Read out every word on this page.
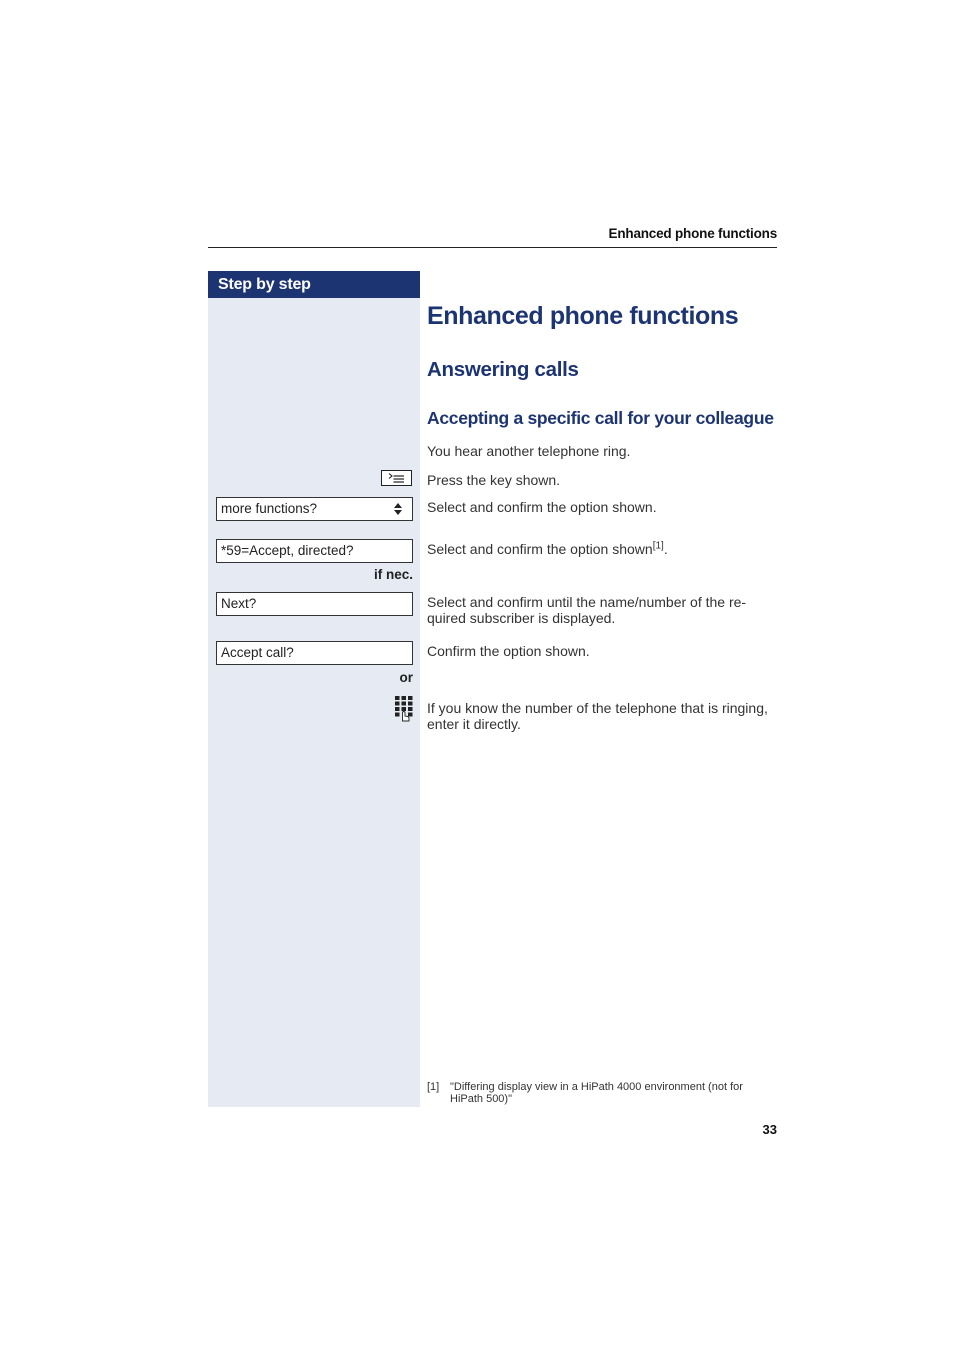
Enhanced phone functions
Step by step
Enhanced phone functions
Answering calls
Accepting a specific call for your colleague
You hear another telephone ring.
Press the key shown.
more functions?	Select and confirm the option shown.
*59=Accept, directed?	Select and confirm the option shown[1].
if nec.
Next?	Select and confirm until the name/number of the re-
quired subscriber is displayed.
Accept call?	Confirm the option shown.
or
If you know the number of the telephone that is ringing,
enter it directly.
[1] "Differing display view in a HiPath 4000 environment (not for HiPath 500)"
33
